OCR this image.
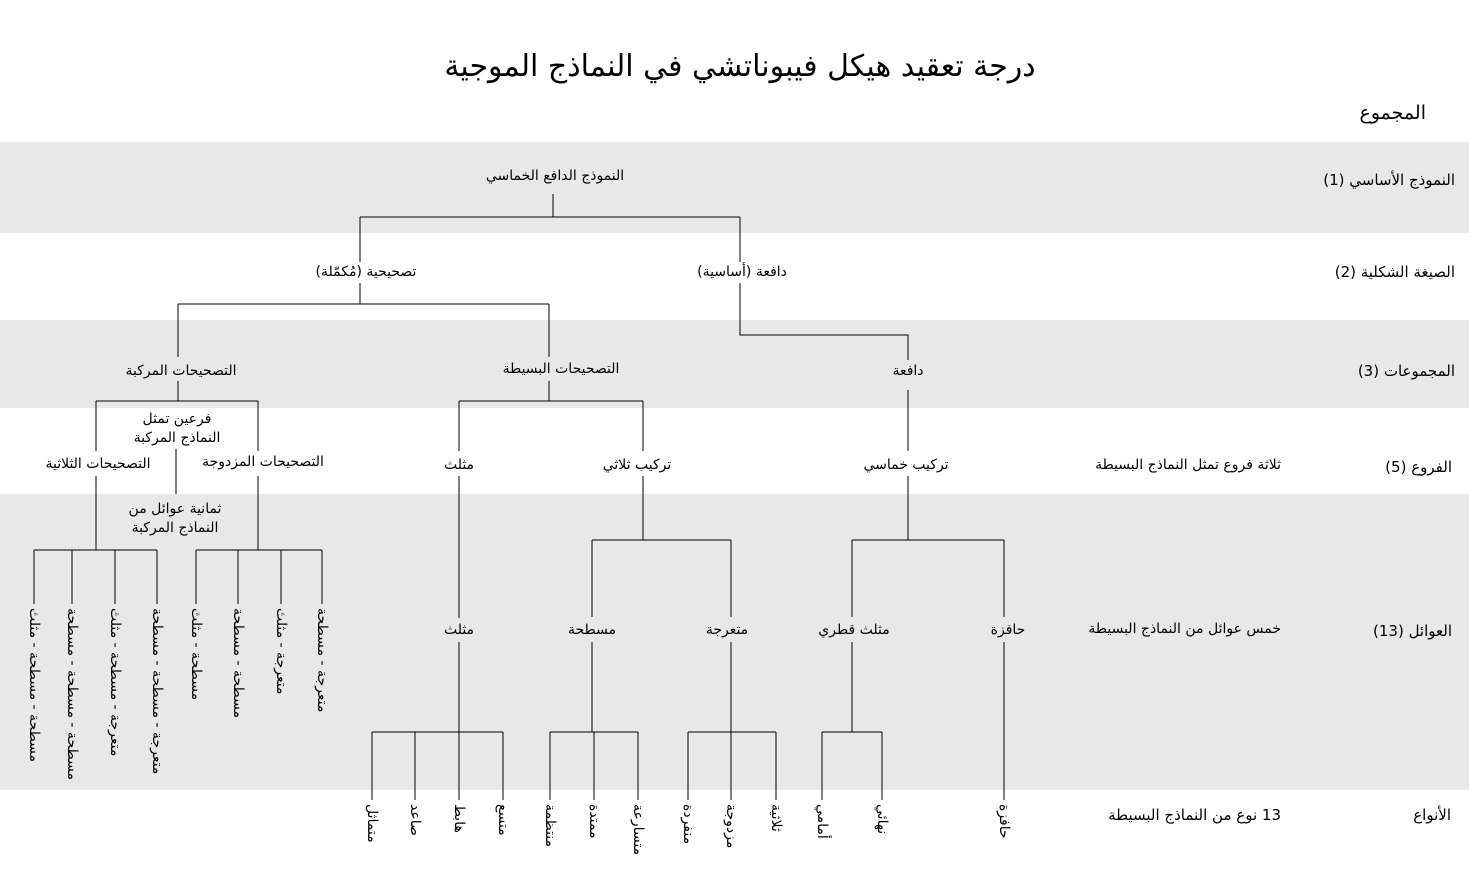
درجة تعقيد هيكل فيبوناتشي في النماذج الموجية
المجموع
النموذج الأساسي (1)
الصيغة الشكلية (2)
المجموعات (3)
الفروع (5)
العوائل (13)
الأنواع
ثلاثة فروع تمثل النماذج البسيطة
خمس عوائل من النماذج البسيطة
13 نوع من النماذج البسيطة
النموذج الدافع الخماسي
تصحيحية (مُكمّلة)	دافعة (أساسية)
التصحيحات المركبة	التصحيحات البسيطة	دافعة
التصحيحات الثلاثية	التصحيحات المزدوجة	مثلث	تركيب ثلاثي	تركيب خماسي
فرعين تمثل النماذج المركبة
ثمانية عوائل من النماذج المركبة
مثلث	مسطحة	متعرجة	مثلث قطري	حافزة
مسطحة - مسطحة - مثلث مسطحة - مسطحة - مسطحة متعرجة - مسطحة - مثلث متعرجة - مسطحة - مسطحة مسطحة - مثلث مسطحة - مسطحة متعرجة - مثلث متعرجة - مسطحة
متماثل صاعد هابط متسع منتظمة ممتدة متسارعة منفردة مزدوجة ثلاثية أمامي	نهائي	حافزة
